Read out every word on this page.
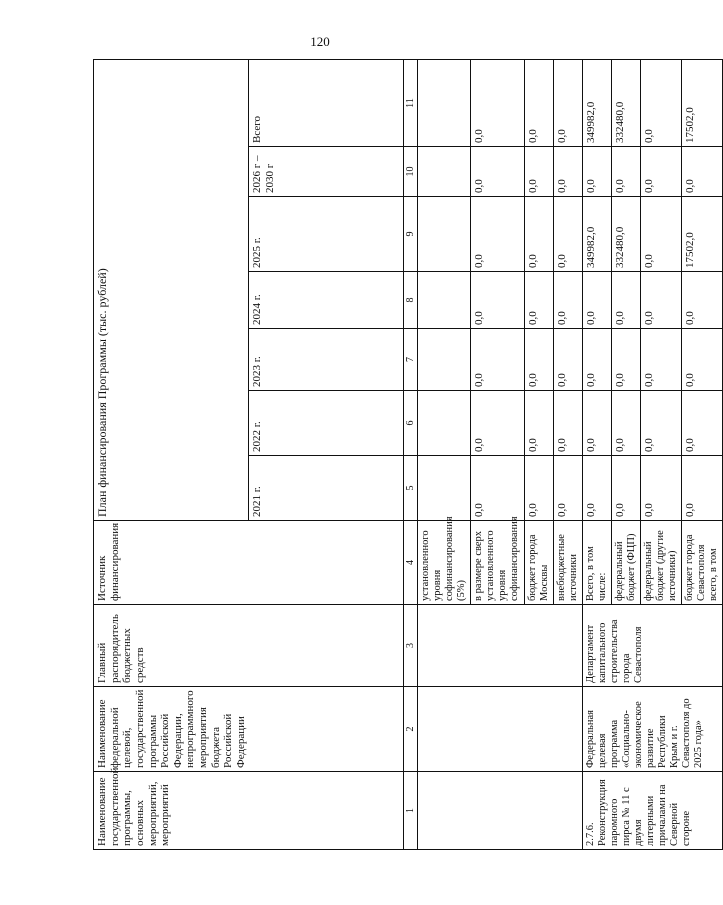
120
Наименование государственной программы, основных мероприятий, мероприятий	Наименование федеральной целевой, государственной программы Российской Федерации, непрограммного мероприятия бюджета Российской Федерации	Главный распорядитель бюджетных средств	Источник финансирования	План финансирования Программы (тыс. рублей)						
				2021 г.	2022 г.	2023 г.	2024 г.	2025 г.	2026 г – 2030 г	Всего
1	2	3	4	5	6	7	8	9	10	11
			установленного уровня софинансирования (5%)							
			в размере сверх установленного уровня софинансирования	0,0	0,0	0,0	0,0	0,0	0,0	0,0
			бюджет города Москвы	0,0	0,0	0,0	0,0	0,0	0,0	0,0
			внебюджетные источники	0,0	0,0	0,0	0,0	0,0	0,0	0,0
2.7.6. Реконструкция паромного пирса № 11 с двумя литерными причалами на Северной стороне	Федеральная целевая программа «Социально-экономическое развитие Республики Крым и г. Севастополя до 2025 года»	Департамент капитального строительства города Севастополя	Всего, в том числе:	0,0	0,0	0,0	0,0	349982,0	0,0	349982,0
			федеральный бюджет (ФЦП)	0,0	0,0	0,0	0,0	332480,0	0,0	332480,0
			федеральный бюджет (другие источники)	0,0	0,0	0,0	0,0	0,0	0,0	0,0
			бюджет города Севастополя всего, в том	0,0	0,0	0,0	0,0	17502,0	0,0	17502,0
